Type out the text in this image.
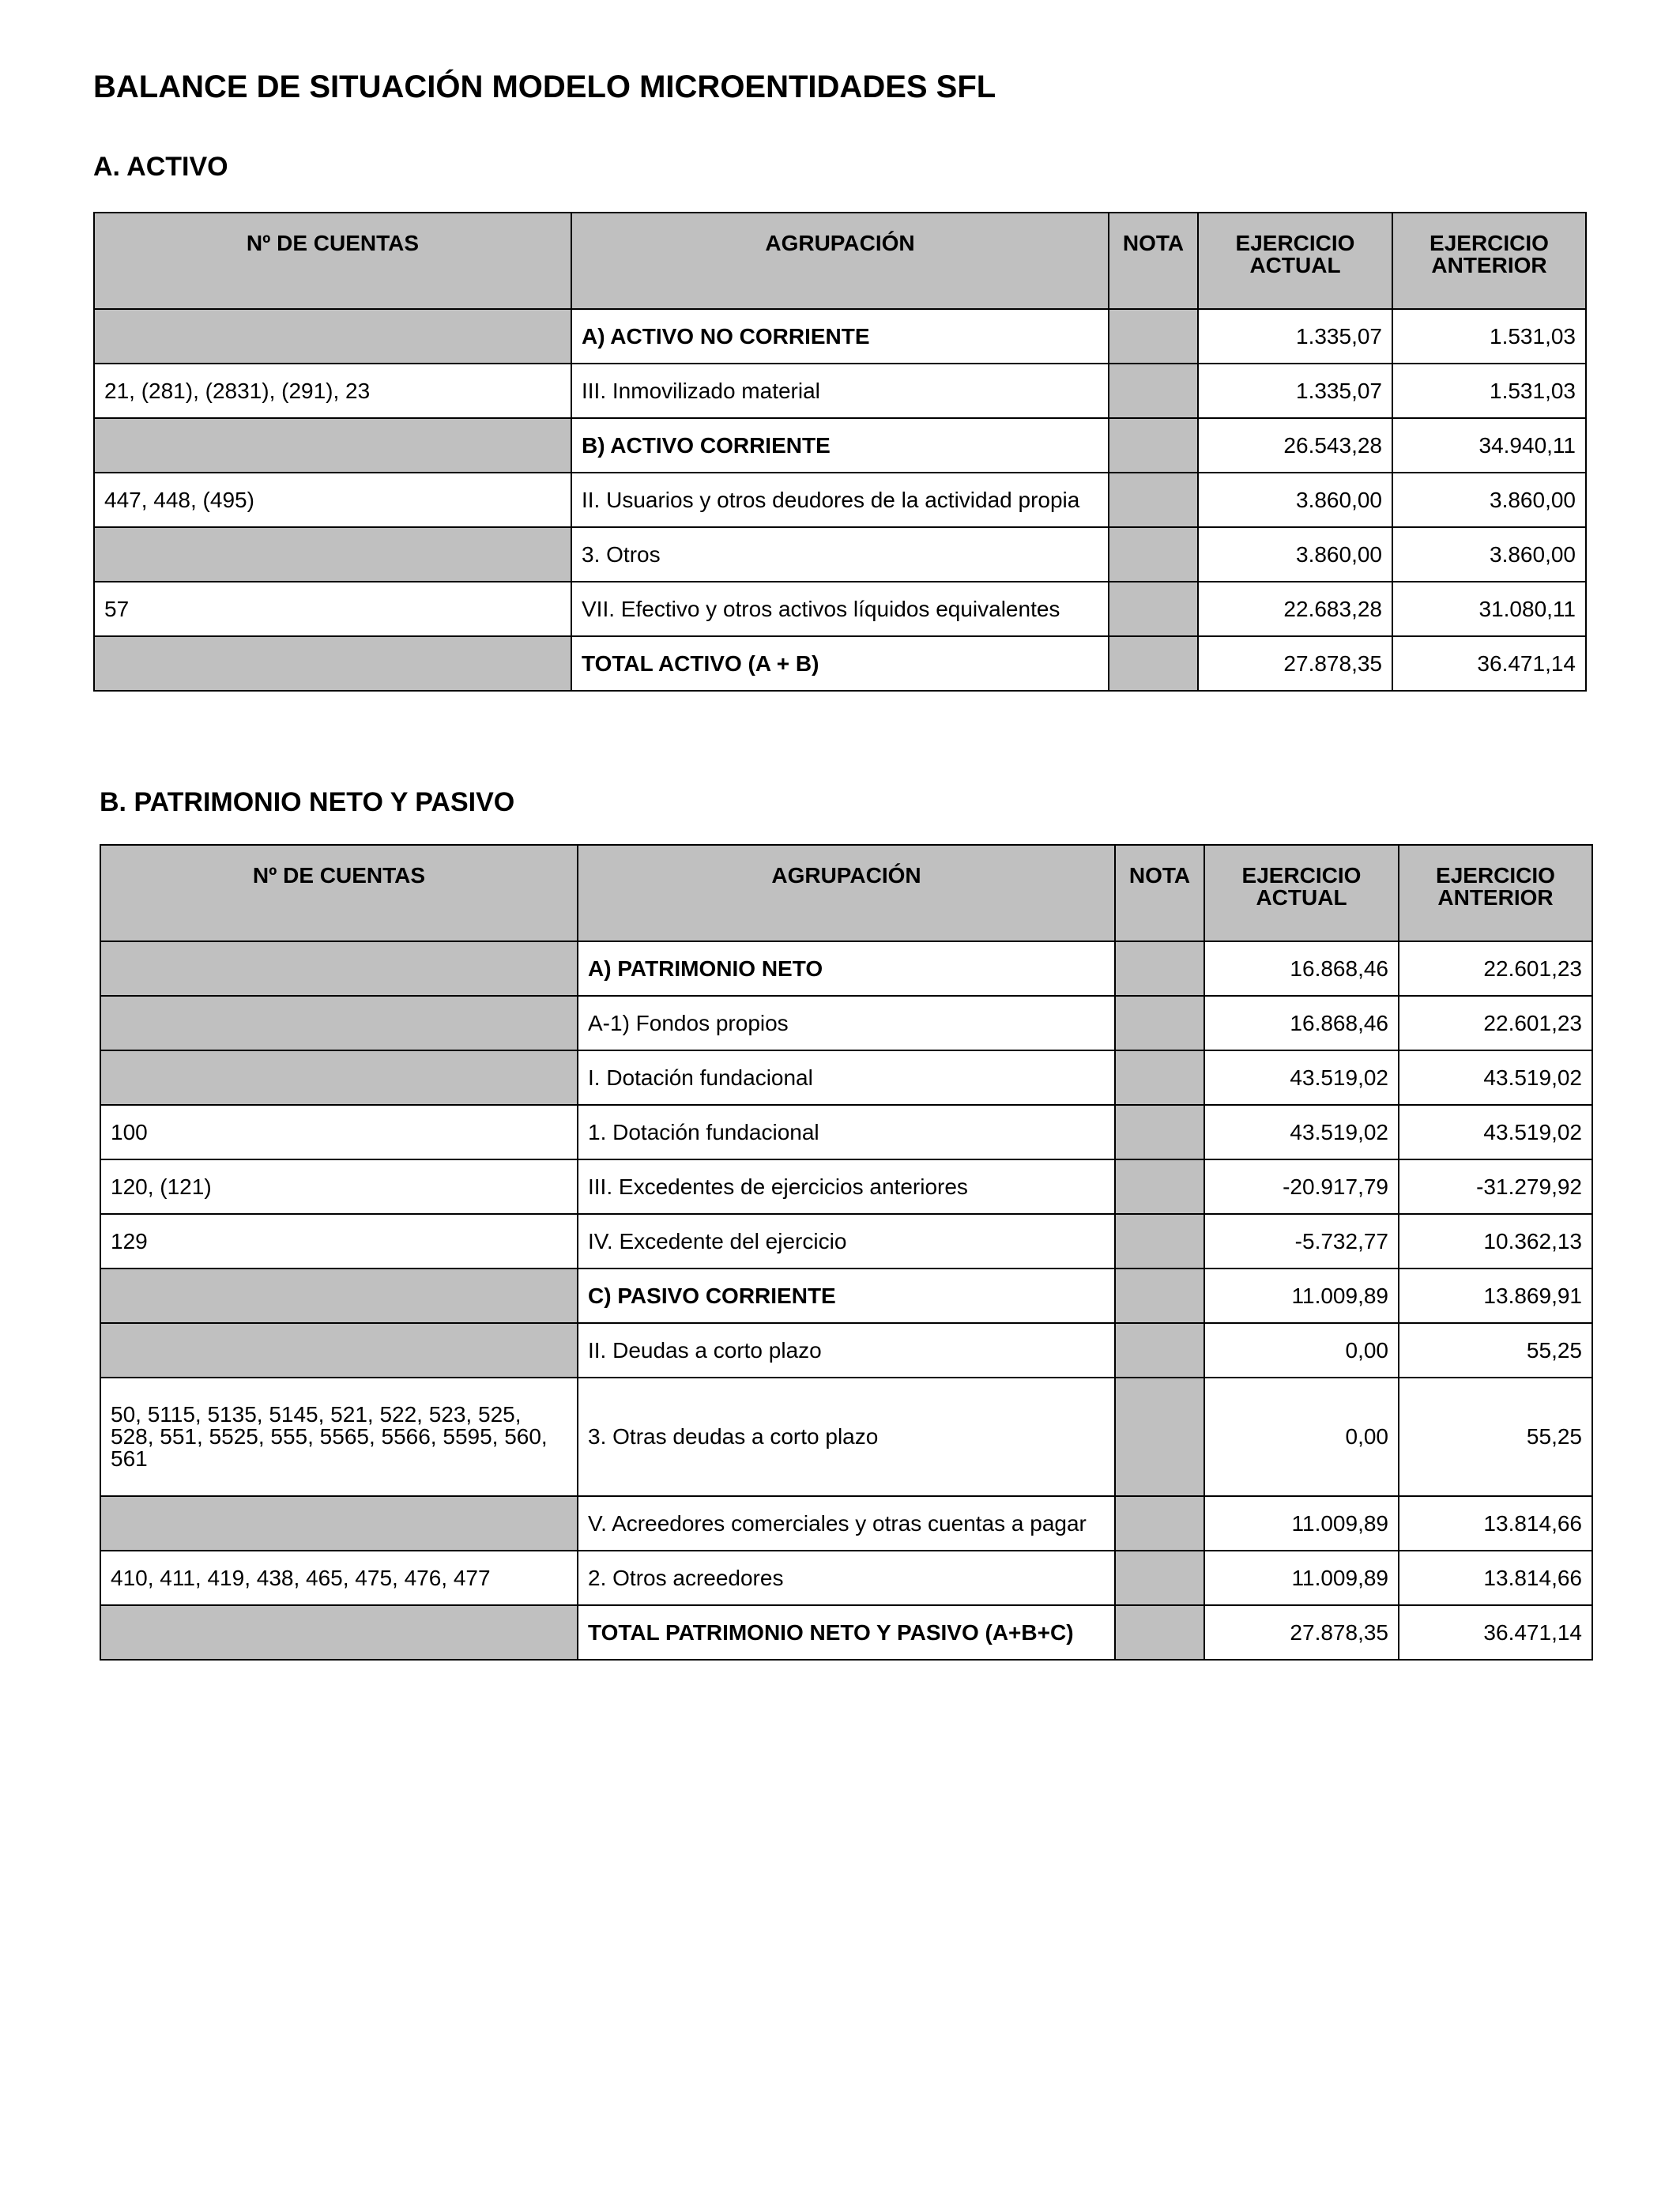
BALANCE DE SITUACIÓN MODELO MICROENTIDADES SFL
A. ACTIVO
Nº DE CUENTAS	AGRUPACIÓN	NOTA	EJERCICIO ACTUAL	EJERCICIO ANTERIOR
	A) ACTIVO NO CORRIENTE		1.335,07	1.531,03
21, (281), (2831), (291), 23	III. Inmovilizado material		1.335,07	1.531,03
	B) ACTIVO CORRIENTE		26.543,28	34.940,11
447, 448, (495)	II. Usuarios y otros deudores de la actividad propia		3.860,00	3.860,00
	3. Otros		3.860,00	3.860,00
57	VII. Efectivo y otros activos líquidos equivalentes		22.683,28	31.080,11
	TOTAL ACTIVO (A + B)		27.878,35	36.471,14
B. PATRIMONIO NETO Y PASIVO
Nº DE CUENTAS	AGRUPACIÓN	NOTA	EJERCICIO ACTUAL	EJERCICIO ANTERIOR
	A) PATRIMONIO NETO		16.868,46	22.601,23
	A-1) Fondos propios		16.868,46	22.601,23
	I. Dotación fundacional		43.519,02	43.519,02
100	1. Dotación fundacional		43.519,02	43.519,02
120, (121)	III. Excedentes de ejercicios anteriores		-20.917,79	-31.279,92
129	IV. Excedente del ejercicio		-5.732,77	10.362,13
	C) PASIVO CORRIENTE		11.009,89	13.869,91
	II. Deudas a corto plazo		0,00	55,25
50, 5115, 5135, 5145, 521, 522, 523, 525, 528, 551, 5525, 555, 5565, 5566, 5595, 560, 561	3. Otras deudas a corto plazo		0,00	55,25
	V. Acreedores comerciales y otras cuentas a pagar		11.009,89	13.814,66
410, 411, 419, 438, 465, 475, 476, 477	2. Otros acreedores		11.009,89	13.814,66
	TOTAL PATRIMONIO NETO Y PASIVO (A+B+C)		27.878,35	36.471,14
